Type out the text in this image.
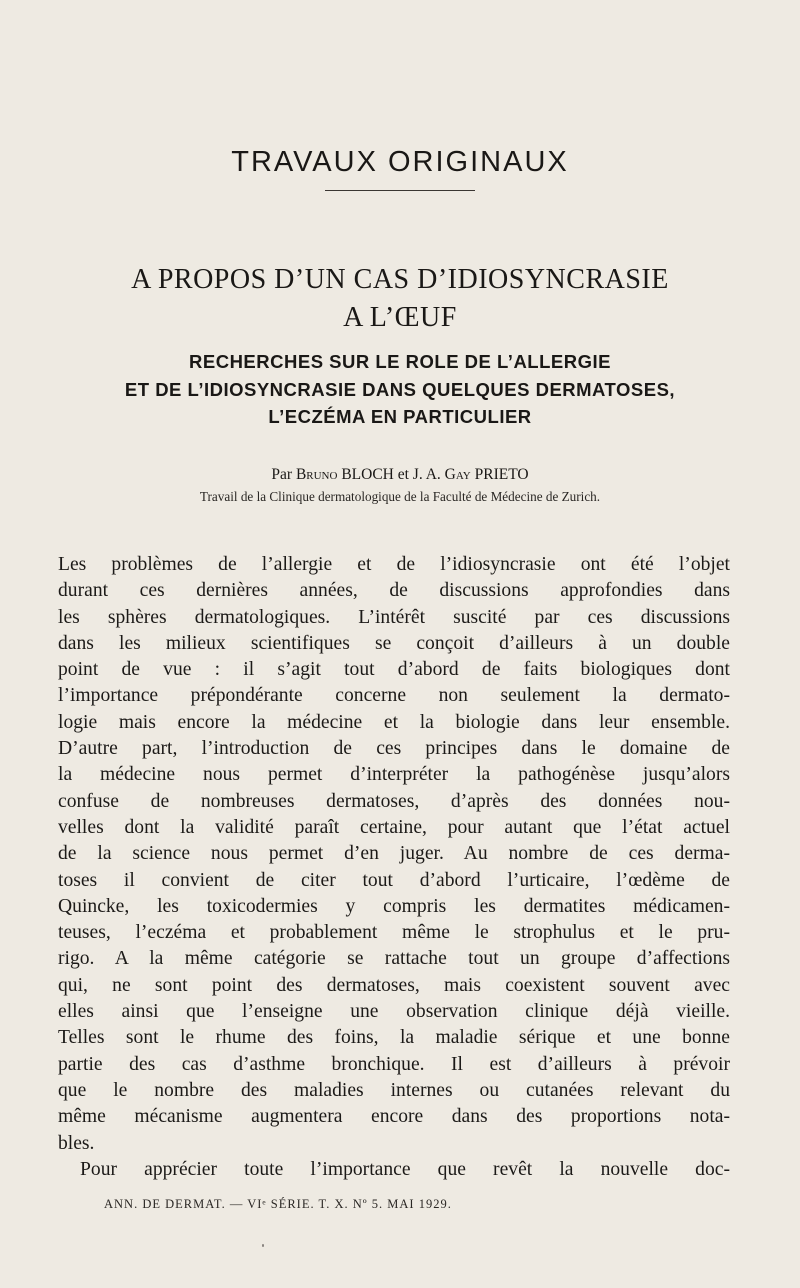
TRAVAUX ORIGINAUX
A PROPOS D’UN CAS D’IDIOSYNCRASIE
A L’ŒUF
RECHERCHES SUR LE ROLE DE L’ALLERGIE
ET DE L’IDIOSYNCRASIE DANS QUELQUES DERMATOSES,
L’ECZÉMA EN PARTICULIER
Par Bruno BLOCH et J. A. Gay PRIETO
Travail de la Clinique dermatologique de la Faculté de Médecine de Zurich.
Les problèmes de l’allergie et de l’idiosyncrasie ont été l’objet
durant ces dernières années, de discussions approfondies dans
les sphères dermatologiques. L’intérêt suscité par ces discussions
dans les milieux scientifiques se conçoit d’ailleurs à un double
point de vue : il s’agit tout d’abord de faits biologiques dont
l’importance prépondérante concerne non seulement la dermato-
logie mais encore la médecine et la biologie dans leur ensemble.
D’autre part, l’introduction de ces principes dans le domaine de
la médecine nous permet d’interpréter la pathogénèse jusqu’alors
confuse de nombreuses dermatoses, d’après des données nou-
velles dont la validité paraît certaine, pour autant que l’état actuel
de la science nous permet d’en juger. Au nombre de ces derma-
toses il convient de citer tout d’abord l’urticaire, l’œdème de
Quincke, les toxicodermies y compris les dermatites médicamen-
teuses, l’eczéma et probablement même le strophulus et le pru-
rigo. A la même catégorie se rattache tout un groupe d’affections
qui, ne sont point des dermatoses, mais coexistent souvent avec
elles ainsi que l’enseigne une observation clinique déjà vieille.
Telles sont le rhume des foins, la maladie sérique et une bonne
partie des cas d’asthme bronchique. Il est d’ailleurs à prévoir
que le nombre des maladies internes ou cutanées relevant du
même mécanisme augmentera encore dans des proportions nota-
bles.
Pour apprécier toute l’importance que revêt la nouvelle doc-
ANN. DE DERMAT. — VIᵉ SÉRIE. T. X. Nº 5. MAI 1929.
